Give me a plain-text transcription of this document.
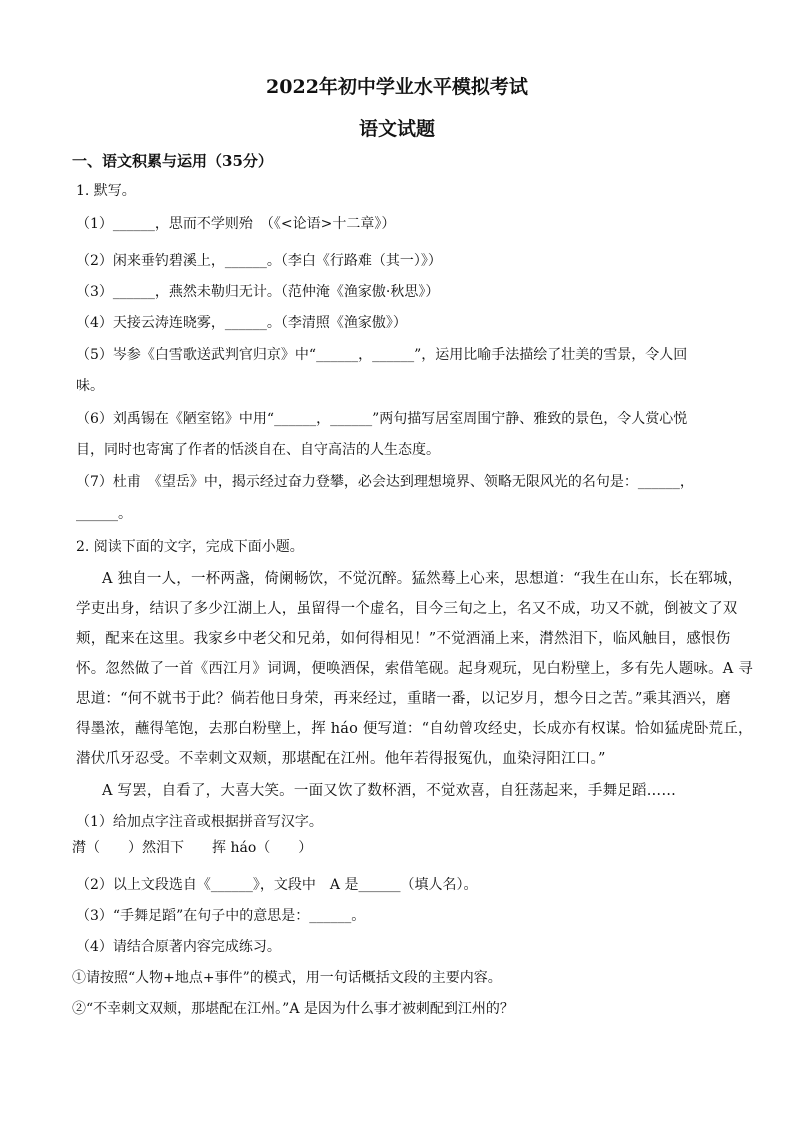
2022年初中学业水平模拟考试
语文试题
一、语文积累与运用（35分）
1. 默写。
（1）______，思而不学则殆　（《<论语>十二章》）
（2）闲来垂钓碧溪上，______。（李白《行路难（其一）》）
（3）______，燕然未勒归无计。（范仲淹《渔家傲·秋思》）
（4）天接云涛连晓雾，______。（李清照《渔家傲》）
（5）岑参《白雪歌送武判官归京》中“______，______”，运用比喻手法描绘了壮美的雪景，令人回
味。
（6）刘禹锡在《陋室铭》中用“______，______”两句描写居室周围宁静、雅致的景色，令人赏心悦
目，同时也寄寓了作者的恬淡自在、自守高洁的人生态度。
（7）杜甫　《望岳》中，揭示经过奋力登攀，必会达到理想境界、领略无限风光的名句是：______，
______。
2. 阅读下面的文字，完成下面小题。
A 独自一人，一杯两盏，倚阑畅饮，不觉沉醉。猛然蓦上心来，思想道：“我生在山东，长在郓城，
学吏出身，结识了多少江湖上人，虽留得一个虚名，目今三旬之上，名又不成，功又不就，倒被文了双
颊，配来在这里。我家乡中老父和兄弟，如何得相见！”不觉酒涌上来，潸然泪下，临风触目，感恨伤
怀。忽然做了一首《西江月》词调，便唤酒保，索借笔砚。起身观玩，见白粉壁上，多有先人题咏。A 寻
思道：“何不就书于此？倘若他日身荣，再来经过，重睹一番，以记岁月，想今日之苦。”乘其酒兴，磨
得墨浓，蘸得笔饱，去那白粉壁上，挥 háo 便写道：“自幼曾攻经史，长成亦有权谋。恰如猛虎卧荒丘，
潜伏爪牙忍受。不幸刺文双颊，那堪配在江州。他年若得报冤仇，血染浔阳江口。”
A 写罢，自看了，大喜大笑。一面又饮了数杯酒，不觉欢喜，自狂荡起来，手舞足蹈……
（1）给加点字注音或根据拼音写汉字。
潸（　　）然泪下　　挥 háo（　　）
（2）以上文段选自《______》，文段中　A 是______（填人名）。
（3）“手舞足蹈”在句子中的意思是：______。
（4）请结合原著内容完成练习。
①请按照“人物+地点+事件”的模式，用一句话概括文段的主要内容。
②“不幸刺文双颊，那堪配在江州。”A 是因为什么事才被刺配到江州的？
